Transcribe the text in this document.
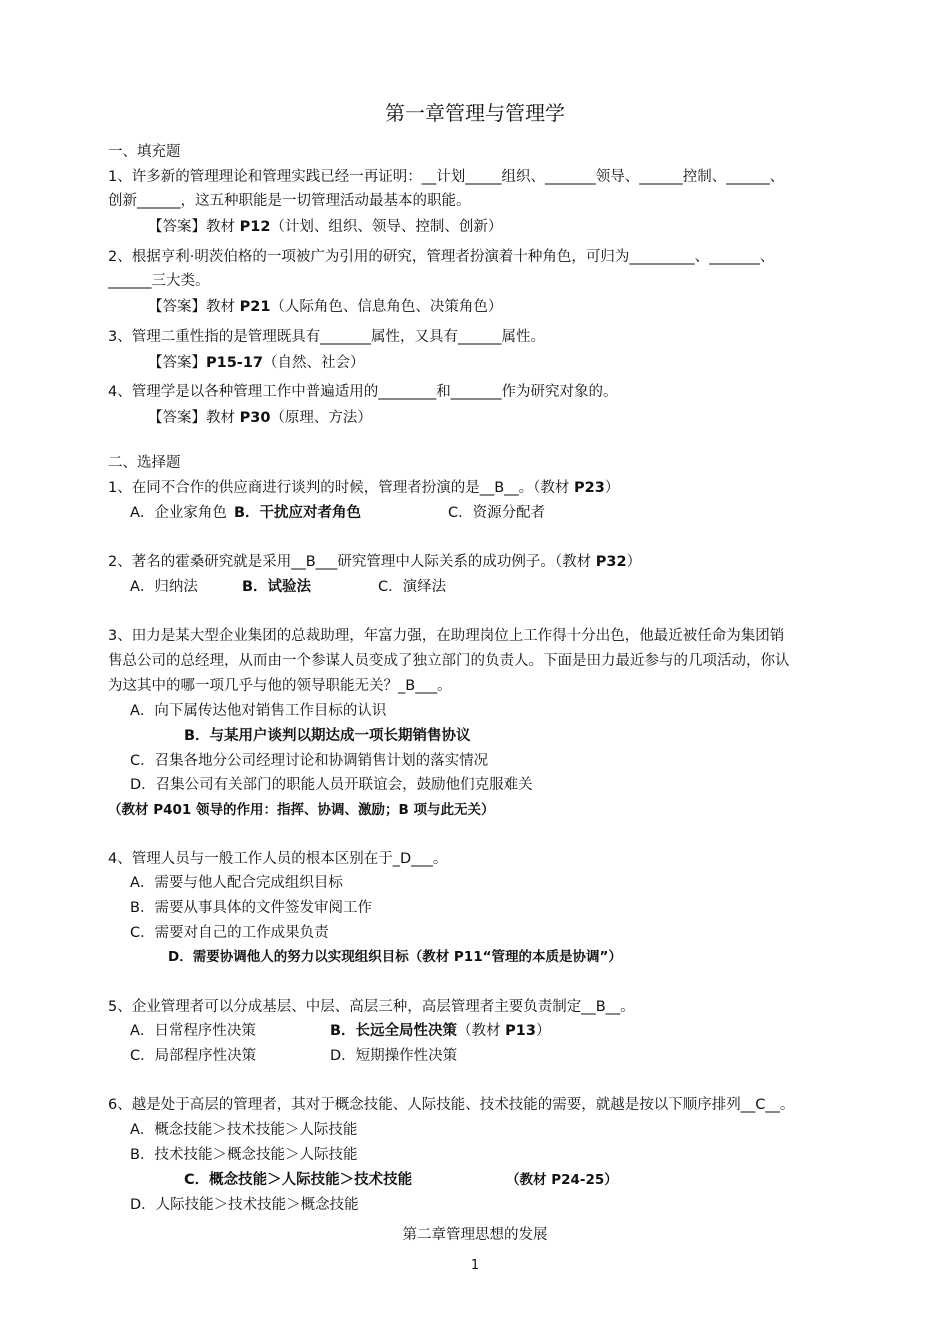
第一章管理与管理学
一、填充题
1、许多新的管理理论和管理实践已经一再证明：__计划_____组织、_______领导、______控制、______、
创新______，这五种职能是一切管理活动最基本的职能。
【答案】教材 P12（计划、组织、领导、控制、创新）
2、根据亨利·明茨伯格的一项被广为引用的研究，管理者扮演着十种角色，可归为_________、_______、
______三大类。
【答案】教材 P21（人际角色、信息角色、决策角色）
3、管理二重性指的是管理既具有_______属性，又具有______属性。
【答案】P15-17（自然、社会）
4、管理学是以各种管理工作中普遍适用的________和_______作为研究对象的。
【答案】教材 P30（原理、方法）
二、选择题
1、在同不合作的供应商进行谈判的时候，管理者扮演的是__B__。（教材 P23）
A．企业家角色 B．干扰应对者角色	C．资源分配者
2、著名的霍桑研究就是采用__B___研究管理中人际关系的成功例子。（教材 P32）
A．归纳法	B．试验法	C．演绎法
3、田力是某大型企业集团的总裁助理，年富力强，在助理岗位上工作得十分出色，他最近被任命为集团销
售总公司的总经理，从而由一个参谋人员变成了独立部门的负责人。下面是田力最近参与的几项活动，你认
为这其中的哪一项几乎与他的领导职能无关？_B___。
A．向下属传达他对销售工作目标的认识
B．与某用户谈判以期达成一项长期销售协议
C．召集各地分公司经理讨论和协调销售计划的落实情况
D．召集公司有关部门的职能人员开联谊会，鼓励他们克服难关
（教材 P401 领导的作用：指挥、协调、激励；B 项与此无关）
4、管理人员与一般工作人员的根本区别在于_D___。
A．需要与他人配合完成组织目标
B．需要从事具体的文件签发审阅工作
C．需要对自己的工作成果负责
D．需要协调他人的努力以实现组织目标（教材 P11“管理的本质是协调”）
5、企业管理者可以分成基层、中层、高层三种，高层管理者主要负责制定__B__。
A．日常程序性决策	B．长远全局性决策（教材 P13）
C．局部程序性决策	D．短期操作性决策
6、越是处于高层的管理者，其对于概念技能、人际技能、技术技能的需要，就越是按以下顺序排列__C__。
A．概念技能＞技术技能＞人际技能
B．技术技能＞概念技能＞人际技能
C．概念技能＞人际技能＞技术技能	（教材 P24-25）
D．人际技能＞技术技能＞概念技能
第二章管理思想的发展
1
